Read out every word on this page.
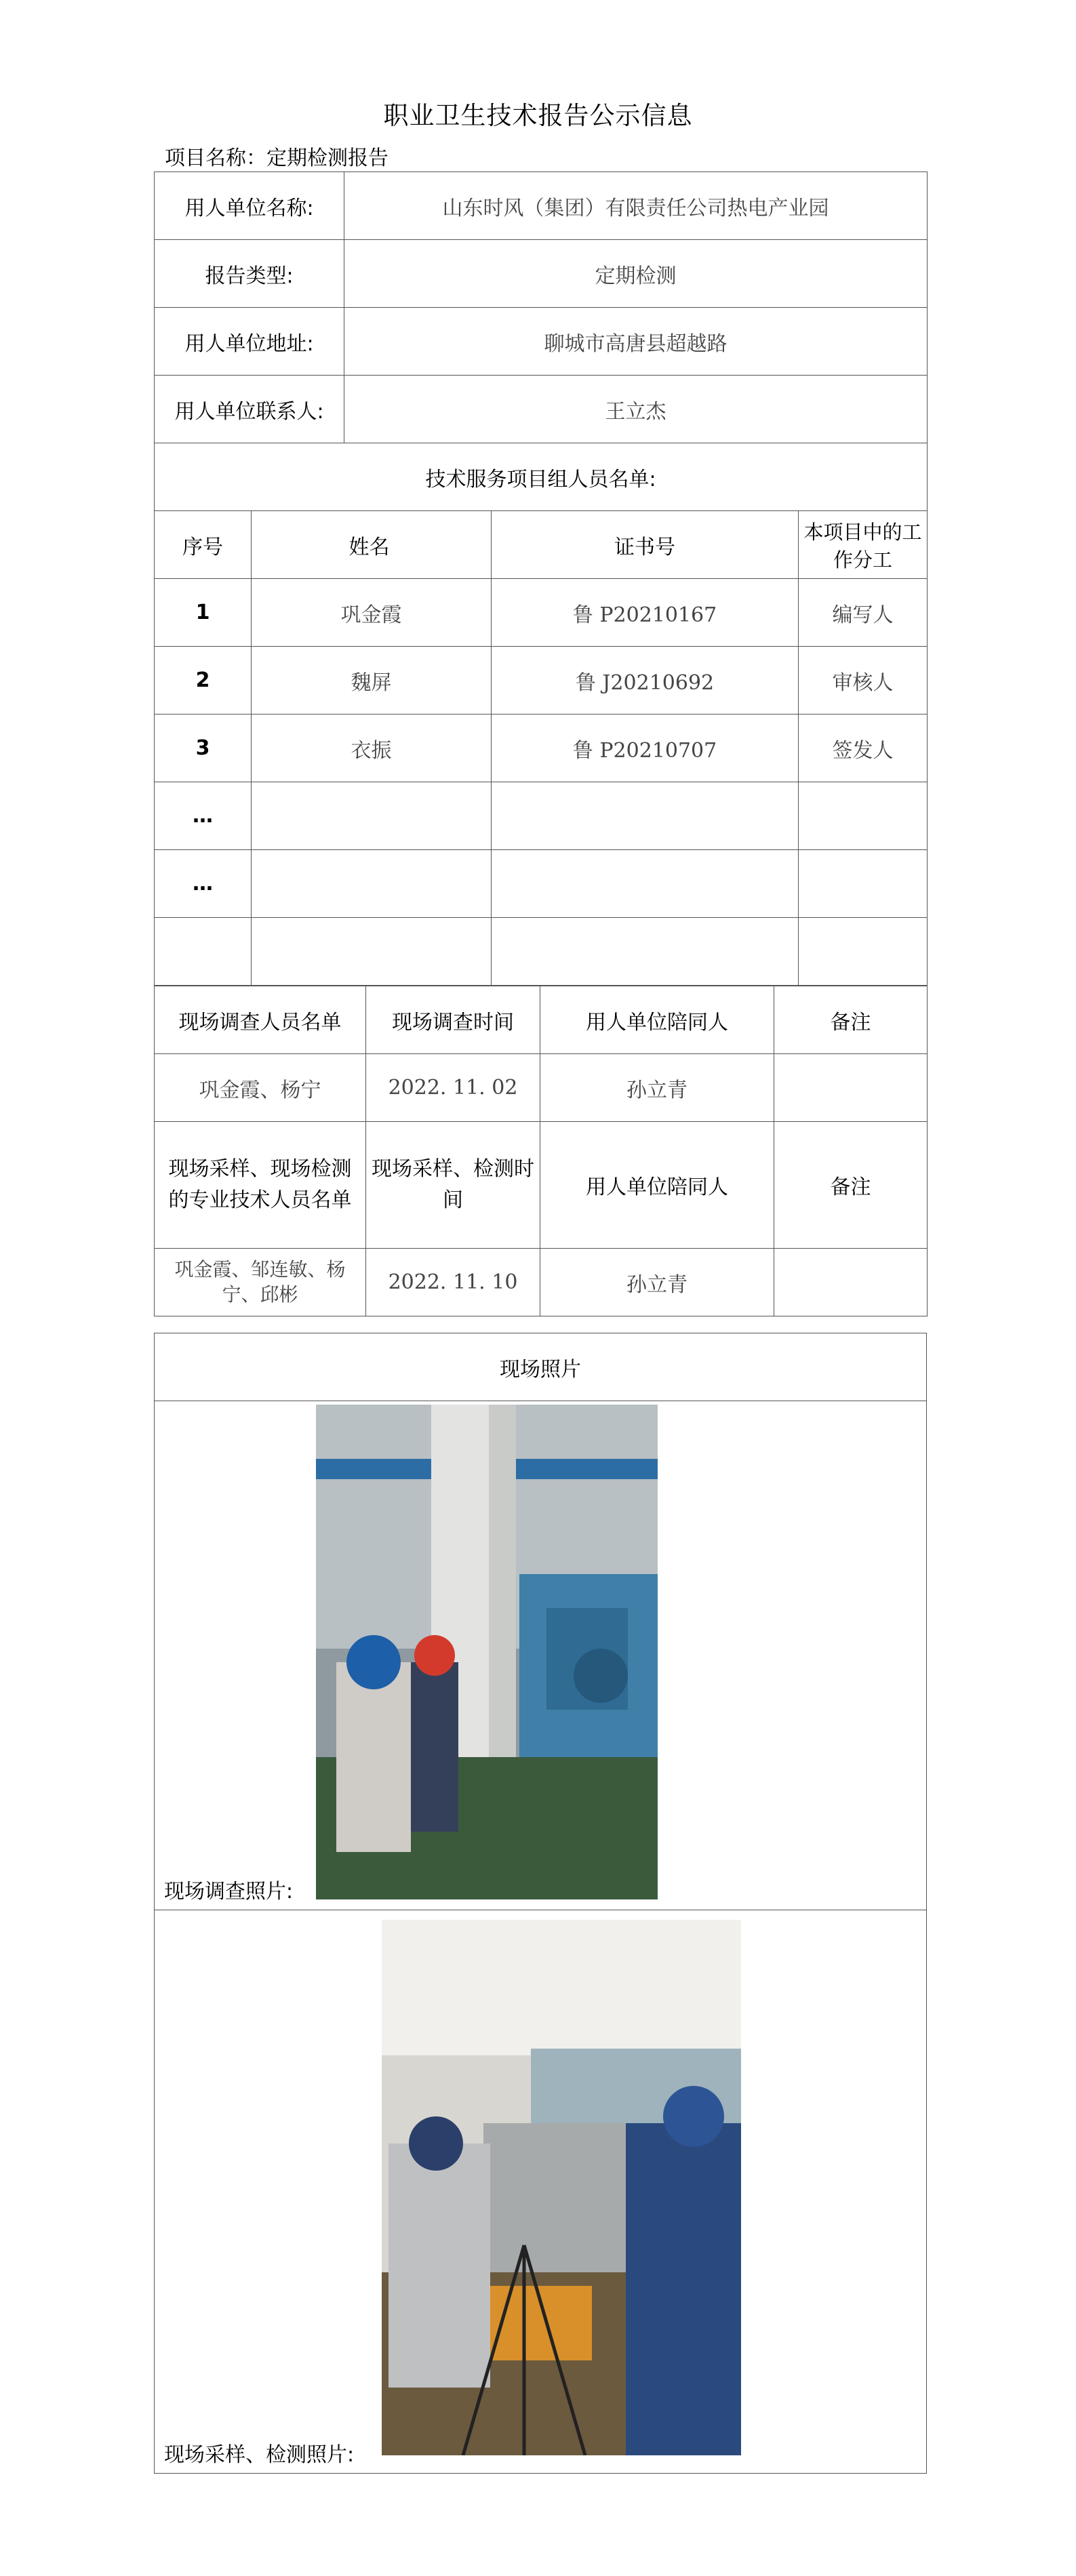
职业卫生技术报告公示信息
项目名称：定期检测报告
用人单位名称:		山东时风（集团）有限责任公司热电产业园		
报告类型:		定期检测		
用人单位地址:		聊城市高唐县超越路		
用人单位联系人:		王立杰		
技术服务项目组人员名单:				
序号	姓名		证书号	本项目中的工作分工
1	巩金霞		鲁 P20210167	编写人
2	魏屏		鲁 J20210692	审核人
3	衣振		鲁 P20210707	签发人
…				
…				

现场调查人员名单	现场调查时间	用人单位陪同人	备注
巩金霞、杨宁	2022. 11. 02	孙立青	
现场采样、现场检测的专业技术人员名单	现场采样、检测时间	用人单位陪同人	备注
巩金霞、邹连敏、杨宁、邱彬	2022. 11. 10	孙立青	
现场照片

现场调查照片:

现场采样、检测照片:
